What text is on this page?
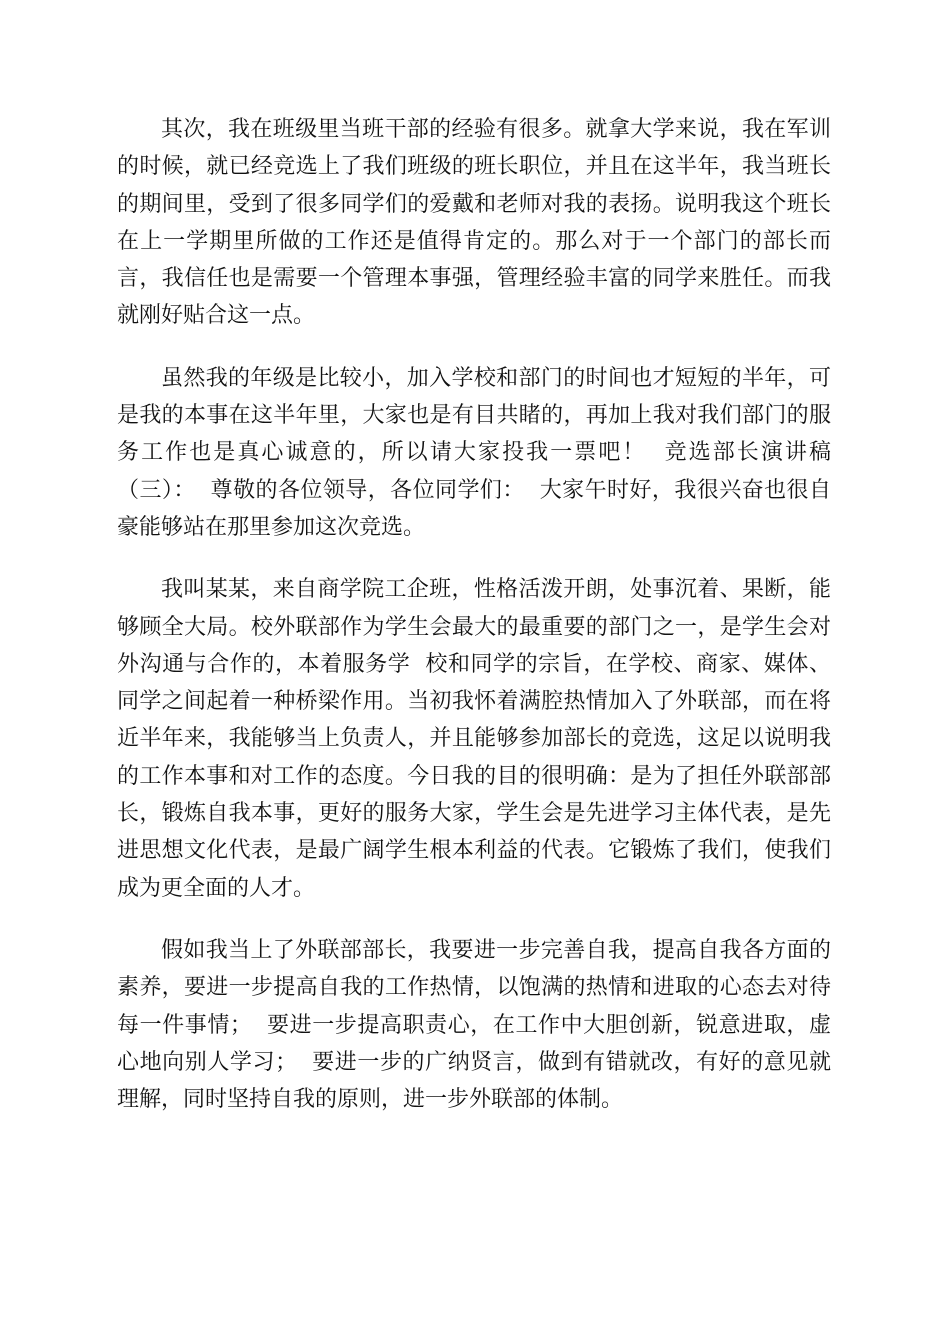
其次，我在班级里当班干部的经验有很多。就拿大学来说，我在军训的时候，就已经竞选上了我们班级的班长职位，并且在这半年，我当班长的期间里，受到了很多同学们的爱戴和老师对我的表扬。说明我这个班长在上一学期里所做的工作还是值得肯定的。那么对于一个部门的部长而言，我信任也是需要一个管理本事强，管理经验丰富的同学来胜任。而我就刚好贴合这一点。

虽然我的年级是比较小，加入学校和部门的时间也才短短的半年，可是我的本事在这半年里，大家也是有目共睹的，再加上我对我们部门的服务工作也是真心诚意的，所以请大家投我一票吧！  竞选部长演讲稿（三）：  尊敬的各位领导，各位同学们：  大家午时好，我很兴奋也很自豪能够站在那里参加这次竞选。

我叫某某，来自商学院工企班，性格活泼开朗，处事沉着、果断，能够顾全大局。校外联部作为学生会最大的最重要的部门之一，是学生会对外沟通与合作的，本着服务学  校和同学的宗旨，在学校、商家、媒体、同学之间起着一种桥梁作用。当初我怀着满腔热情加入了外联部，而在将近半年来，我能够当上负责人，并且能够参加部长的竞选，这足以说明我的工作本事和对工作的态度。今日我的目的很明确：是为了担任外联部部长，锻炼自我本事，更好的服务大家，学生会是先进学习主体代表，是先进思想文化代表，是最广阔学生根本利益的代表。它锻炼了我们，使我们成为更全面的人才。

假如我当上了外联部部长，我要进一步完善自我，提高自我各方面的素养，要进一步提高自我的工作热情，以饱满的热情和进取的心态去对待每一件事情；  要进一步提高职责心，在工作中大胆创新，锐意进取，虚心地向别人学习；  要进一步的广纳贤言，做到有错就改，有好的意见就理解，同时坚持自我的原则，进一步外联部的体制。
